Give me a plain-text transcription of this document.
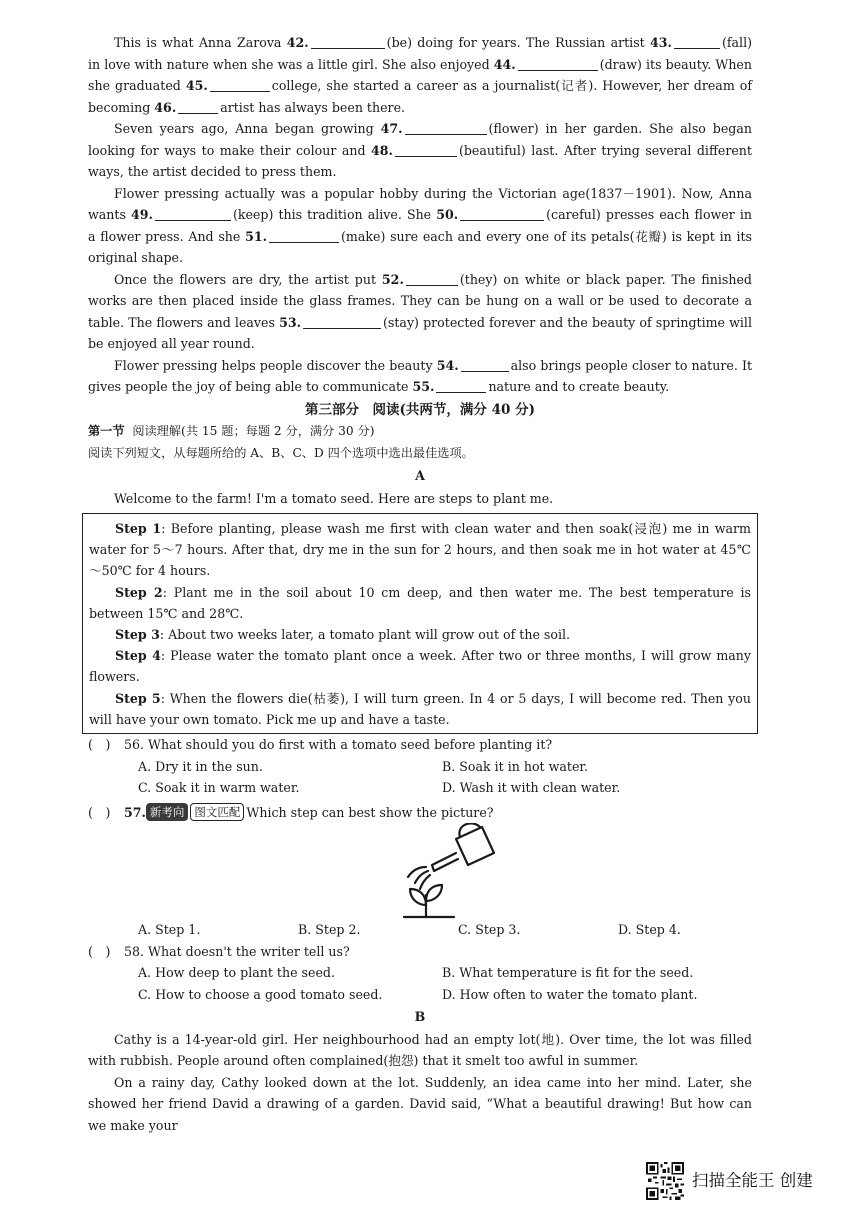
This is what Anna Zarova 42.	(be) doing for years. The Russian artist 43.	(fall) in love with nature when she was a little girl. She also enjoyed 44.	(draw) its beauty. When she graduated 45.	college, she started a career as a journalist(记者). However, her dream of becoming 46.	artist has always been there.

Seven years ago, Anna began growing 47.	(flower) in her garden. She also began looking for ways to make their colour and 48.	(beautiful) last. After trying several different ways, the artist decided to press them.

Flower pressing actually was a popular hobby during the Victorian age(1837－1901). Now, Anna wants 49.	(keep) this tradition alive. She 50.	(careful) presses each flower in a flower press. And she 51.	(make) sure each and every one of its petals(花瓣) is kept in its original shape.

Once the flowers are dry, the artist put 52.	(they) on white or black paper. The finished works are then placed inside the glass frames. They can be hung on a wall or be used to decorate a table. The flowers and leaves 53.	(stay) protected forever and the beauty of springtime will be enjoyed all year round.

Flower pressing helps people discover the beauty 54.	also brings people closer to nature. It gives people the joy of being able to communicate 55.	nature and to create beauty.

第三部分　阅读(共两节，满分 40 分)
第一节 阅读理解(共 15 题；每题 2 分，满分 30 分)
阅读下列短文，从每题所给的 A、B、C、D 四个选项中选出最佳选项。
A

Welcome to the farm! I'm a tomato seed. Here are steps to plant me.

Step 1: Before planting, please wash me first with clean water and then soak(浸泡) me in warm water for 5～7 hours. After that, dry me in the sun for 2 hours, and then soak me in hot water at 45℃～50℃ for 4 hours.

Step 2: Plant me in the soil about 10 cm deep, and then water me. The best temperature is between 15℃ and 28℃.

Step 3: About two weeks later, a tomato plant will grow out of the soil.

Step 4: Please water the tomato plant once a week. After two or three months, I will grow many flowers.

Step 5: When the flowers die(枯萎), I will turn green. In 4 or 5 days, I will become red. Then you will have your own tomato. Pick me up and have a taste.

(　)	56. What should you do first with a tomato seed before planting it?
A. Dry it in the sun.	B. Soak it in hot water.
C. Soak it in warm water.	D. Wash it with clean water.
(　)	57. 新考向 图文匹配 Which step can best show the picture?
A. Step 1.	B. Step 2.	C. Step 3.	D. Step 4.
(　)	58. What doesn't the writer tell us?
A. How deep to plant the seed.	B. What temperature is fit for the seed.
C. How to choose a good tomato seed.	D. How often to water the tomato plant.
B

Cathy is a 14-year-old girl. Her neighbourhood had an empty lot(地). Over time, the lot was filled with rubbish. People around often complained(抱怨) that it smelt too awful in summer.

On a rainy day, Cathy looked down at the lot. Suddenly, an idea came into her mind. Later, she showed her friend David a drawing of a garden. David said, “What a beautiful drawing! But how can we make your

扫描全能王 创建
